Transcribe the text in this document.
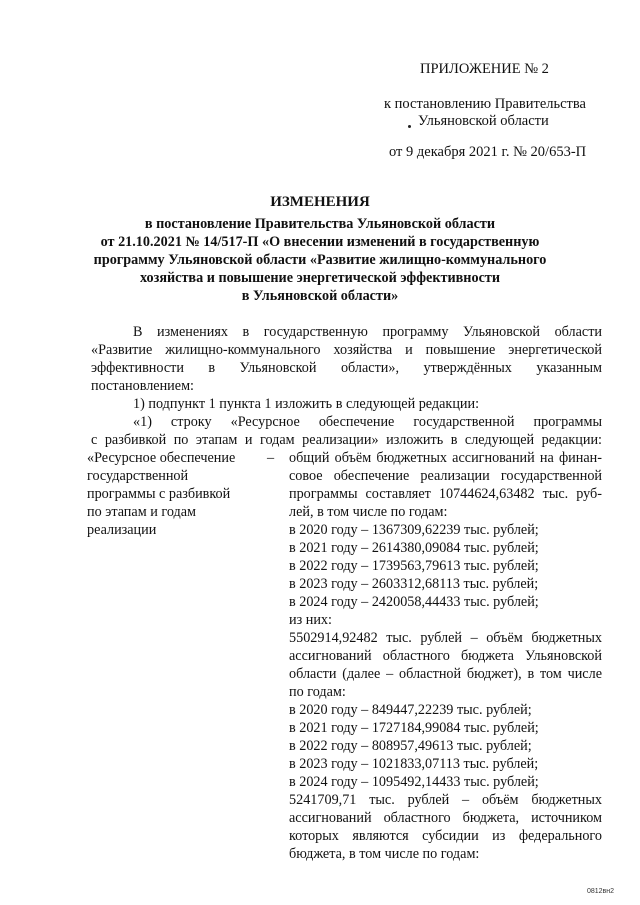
ПРИЛОЖЕНИЕ № 2
к постановлению Правительства
Ульяновской области
от 9 декабря 2021 г. № 20/653-П
ИЗМЕНЕНИЯ
в постановление Правительства Ульяновской области
от 21.10.2021 № 14/517-П «О внесении изменений в государственную
программу Ульяновской области «Развитие жилищно-коммунального
хозяйства и повышение энергетической эффективности
в Ульяновской области»
В изменениях в государственную программу Ульяновской области
«Развитие жилищно-коммунального хозяйства и повышение энергетической
эффективности в Ульяновской области», утверждённых указанным
постановлением:
1) подпункт 1 пункта 1 изложить в следующей редакции:
«1) строку «Ресурсное обеспечение государственной программы
с разбивкой по этапам и годам реализации» изложить в следующей редакции:
«Ресурсное обеспечение
государственной
программы с разбивкой
по этапам и годам
реализации
– общий объём бюджетных ассигнований на финан-
совое обеспечение реализации государственной
программы составляет 10744624,63482 тыс. руб-
лей, в том числе по годам:
в 2020 году – 1367309,62239 тыс. рублей;
в 2021 году – 2614380,09084 тыс. рублей;
в 2022 году – 1739563,79613 тыс. рублей;
в 2023 году – 2603312,68113 тыс. рублей;
в 2024 году – 2420058,44433 тыс. рублей;
из них:
5502914,92482 тыс. рублей – объём бюджетных
ассигнований областного бюджета Ульяновской
области (далее – областной бюджет), в том числе
по годам:
в 2020 году – 849447,22239 тыс. рублей;
в 2021 году – 1727184,99084 тыс. рублей;
в 2022 году – 808957,49613 тыс. рублей;
в 2023 году – 1021833,07113 тыс. рублей;
в 2024 году – 1095492,14433 тыс. рублей;
5241709,71 тыс. рублей – объём бюджетных
ассигнований областного бюджета, источником
которых являются субсидии из федерального
бюджета, в том числе по годам:
0812вн2
